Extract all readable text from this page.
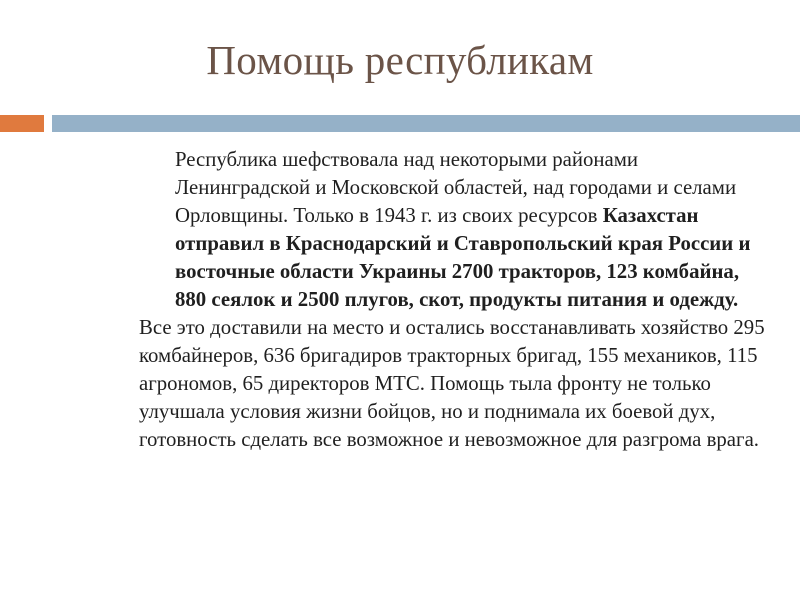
Помощь республикам

Республика шефствовала над некоторыми районами Ленинградской и Московской областей, над городами и селами Орловщины. Только в 1943 г. из своих ресурсов Казахстан отправил в Краснодарский и Ставропольский края России и восточные области Украины 2700 тракторов, 123 комбайна, 880 сеялок и 2500 плугов, скот, продукты питания и одежду.

Все это доставили на место и остались восстанавливать хозяйство 295 комбайнеров, 636 бригадиров тракторных бригад, 155 механиков, 115 агрономов, 65 директоров МТС. Помощь тыла фронту не только улучшала условия жизни бойцов, но и поднимала их боевой дух, готовность сделать все возможное и невозможное для разгрома врага.
